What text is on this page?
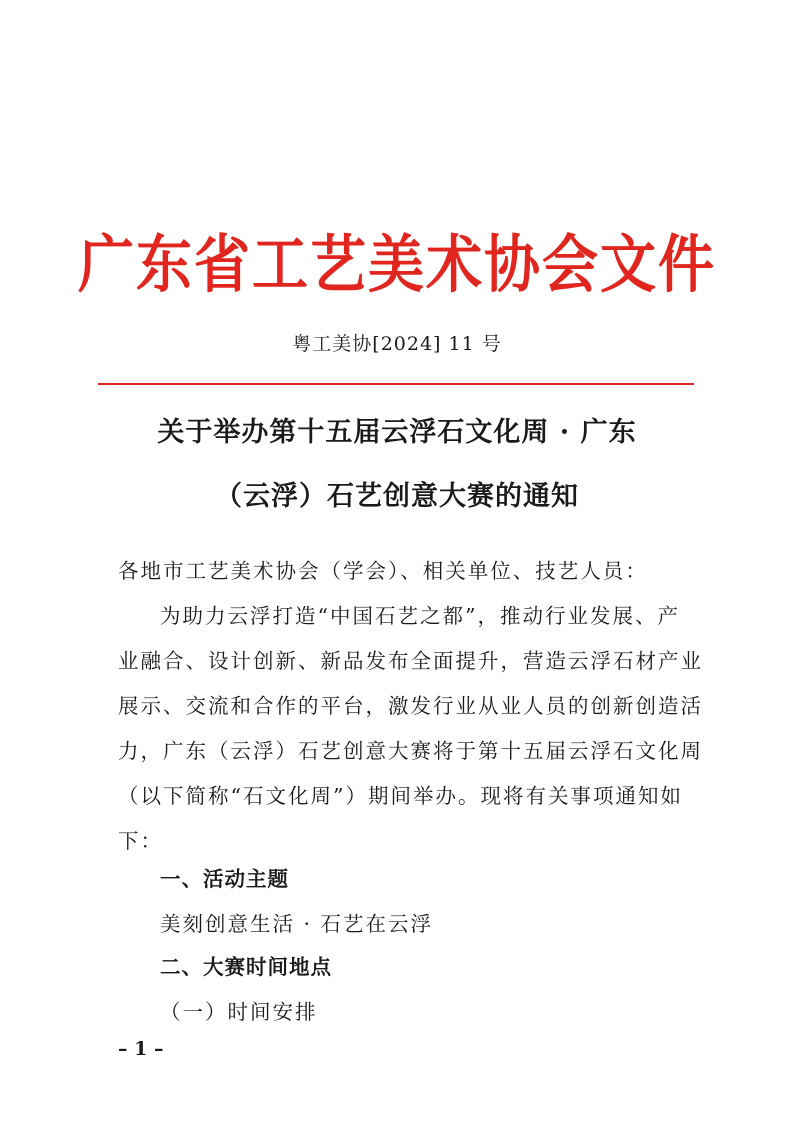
广东省工艺美术协会文件
粤工美协[2024] 11 号
关于举办第十五届云浮石文化周 · 广东
（云浮）石艺创意大赛的通知
各地市工艺美术协会（学会）、相关单位、技艺人员：
为助力云浮打造“中国石艺之都”，推动行业发展、产
业融合、设计创新、新品发布全面提升，营造云浮石材产业
展示、交流和合作的平台，激发行业从业人员的创新创造活
力，广东（云浮）石艺创意大赛将于第十五届云浮石文化周
（以下简称“石文化周”）期间举办。现将有关事项通知如
下：
一、活动主题
美刻创意生活 · 石艺在云浮
二、大赛时间地点
（一）时间安排
– 1 –
